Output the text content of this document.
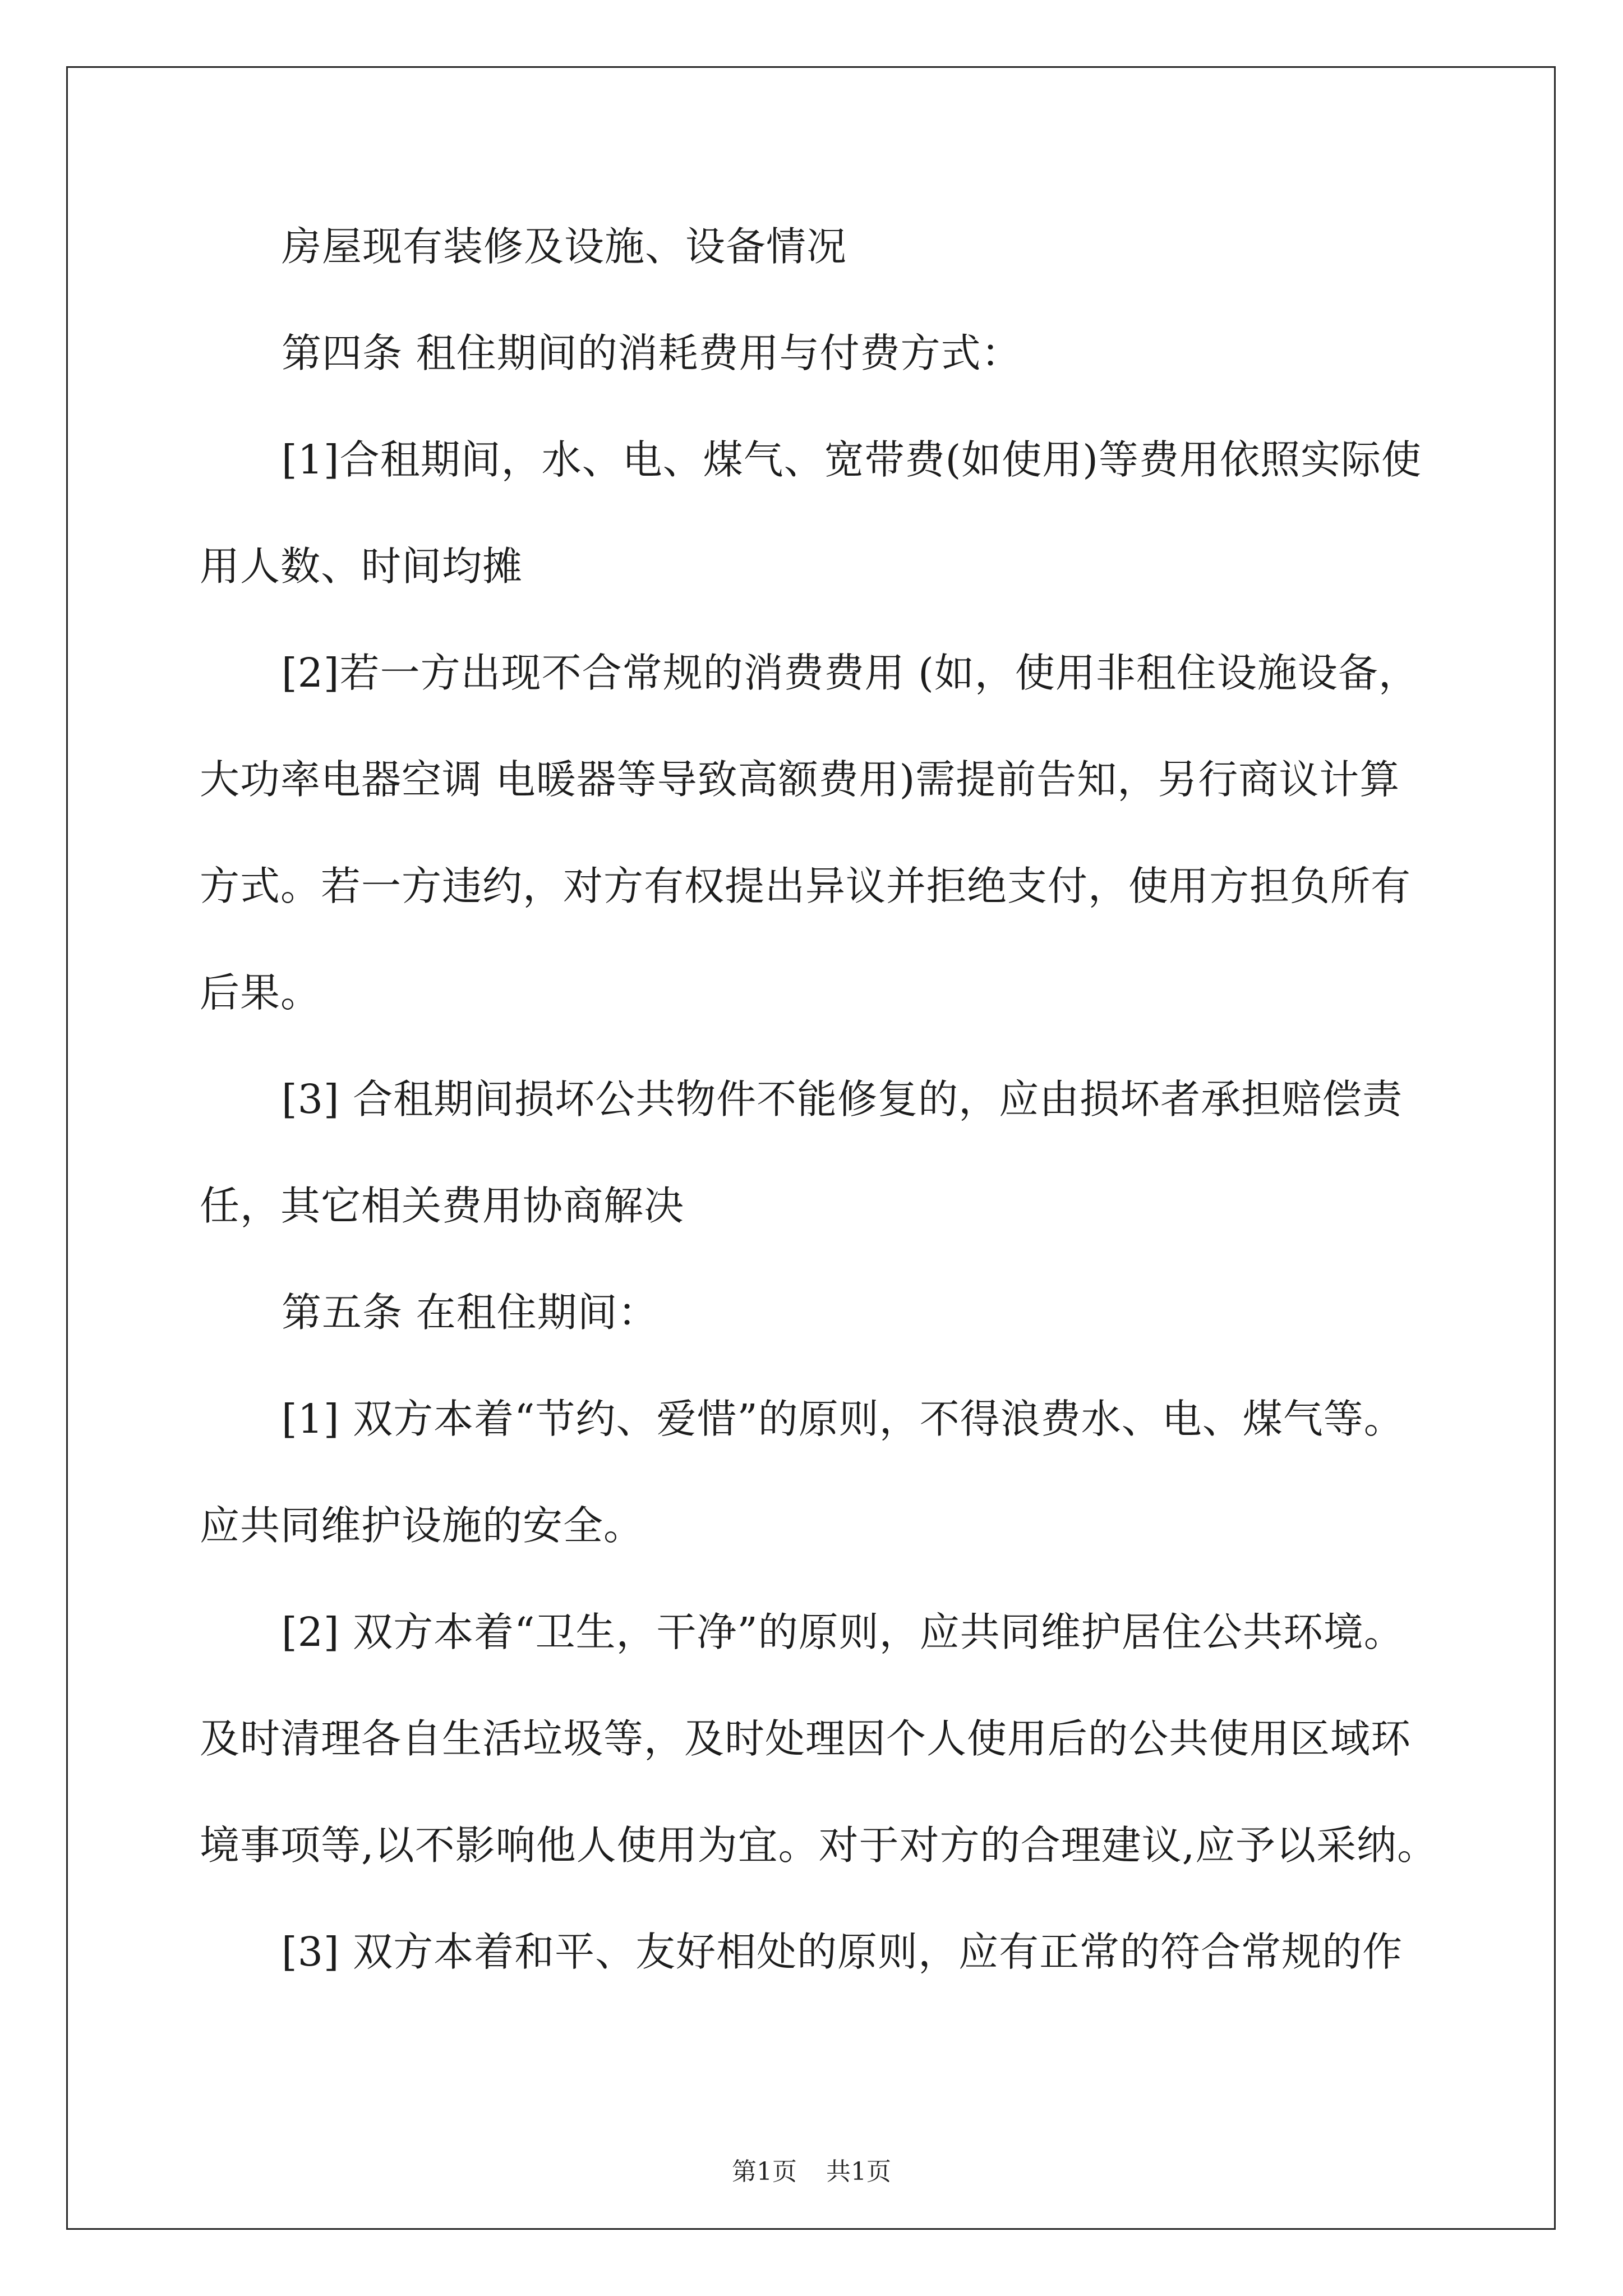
房屋现有装修及设施、设备情况
第四条 租住期间的消耗费用与付费方式：
[1]合租期间，水、电、煤气、宽带费(如使用)等费用依照实际使
用人数、时间均摊
[2]若一方出现不合常规的消费费用 (如，使用非租住设施设备，
大功率电器空调 电暖器等导致高额费用)需提前告知，另行商议计算
方式。若一方违约，对方有权提出异议并拒绝支付，使用方担负所有
后果。
[3] 合租期间损坏公共物件不能修复的，应由损坏者承担赔偿责
任，其它相关费用协商解决
第五条 在租住期间：
[1] 双方本着“节约、爱惜”的原则，不得浪费水、电、煤气等。
应共同维护设施的安全。
[2] 双方本着“卫生，干净”的原则，应共同维护居住公共环境。
及时清理各自生活垃圾等，及时处理因个人使用后的公共使用区域环
境事项等,以不影响他人使用为宜。对于对方的合理建议,应予以采纳。
[3] 双方本着和平、友好相处的原则，应有正常的符合常规的作
第1页 共1页
